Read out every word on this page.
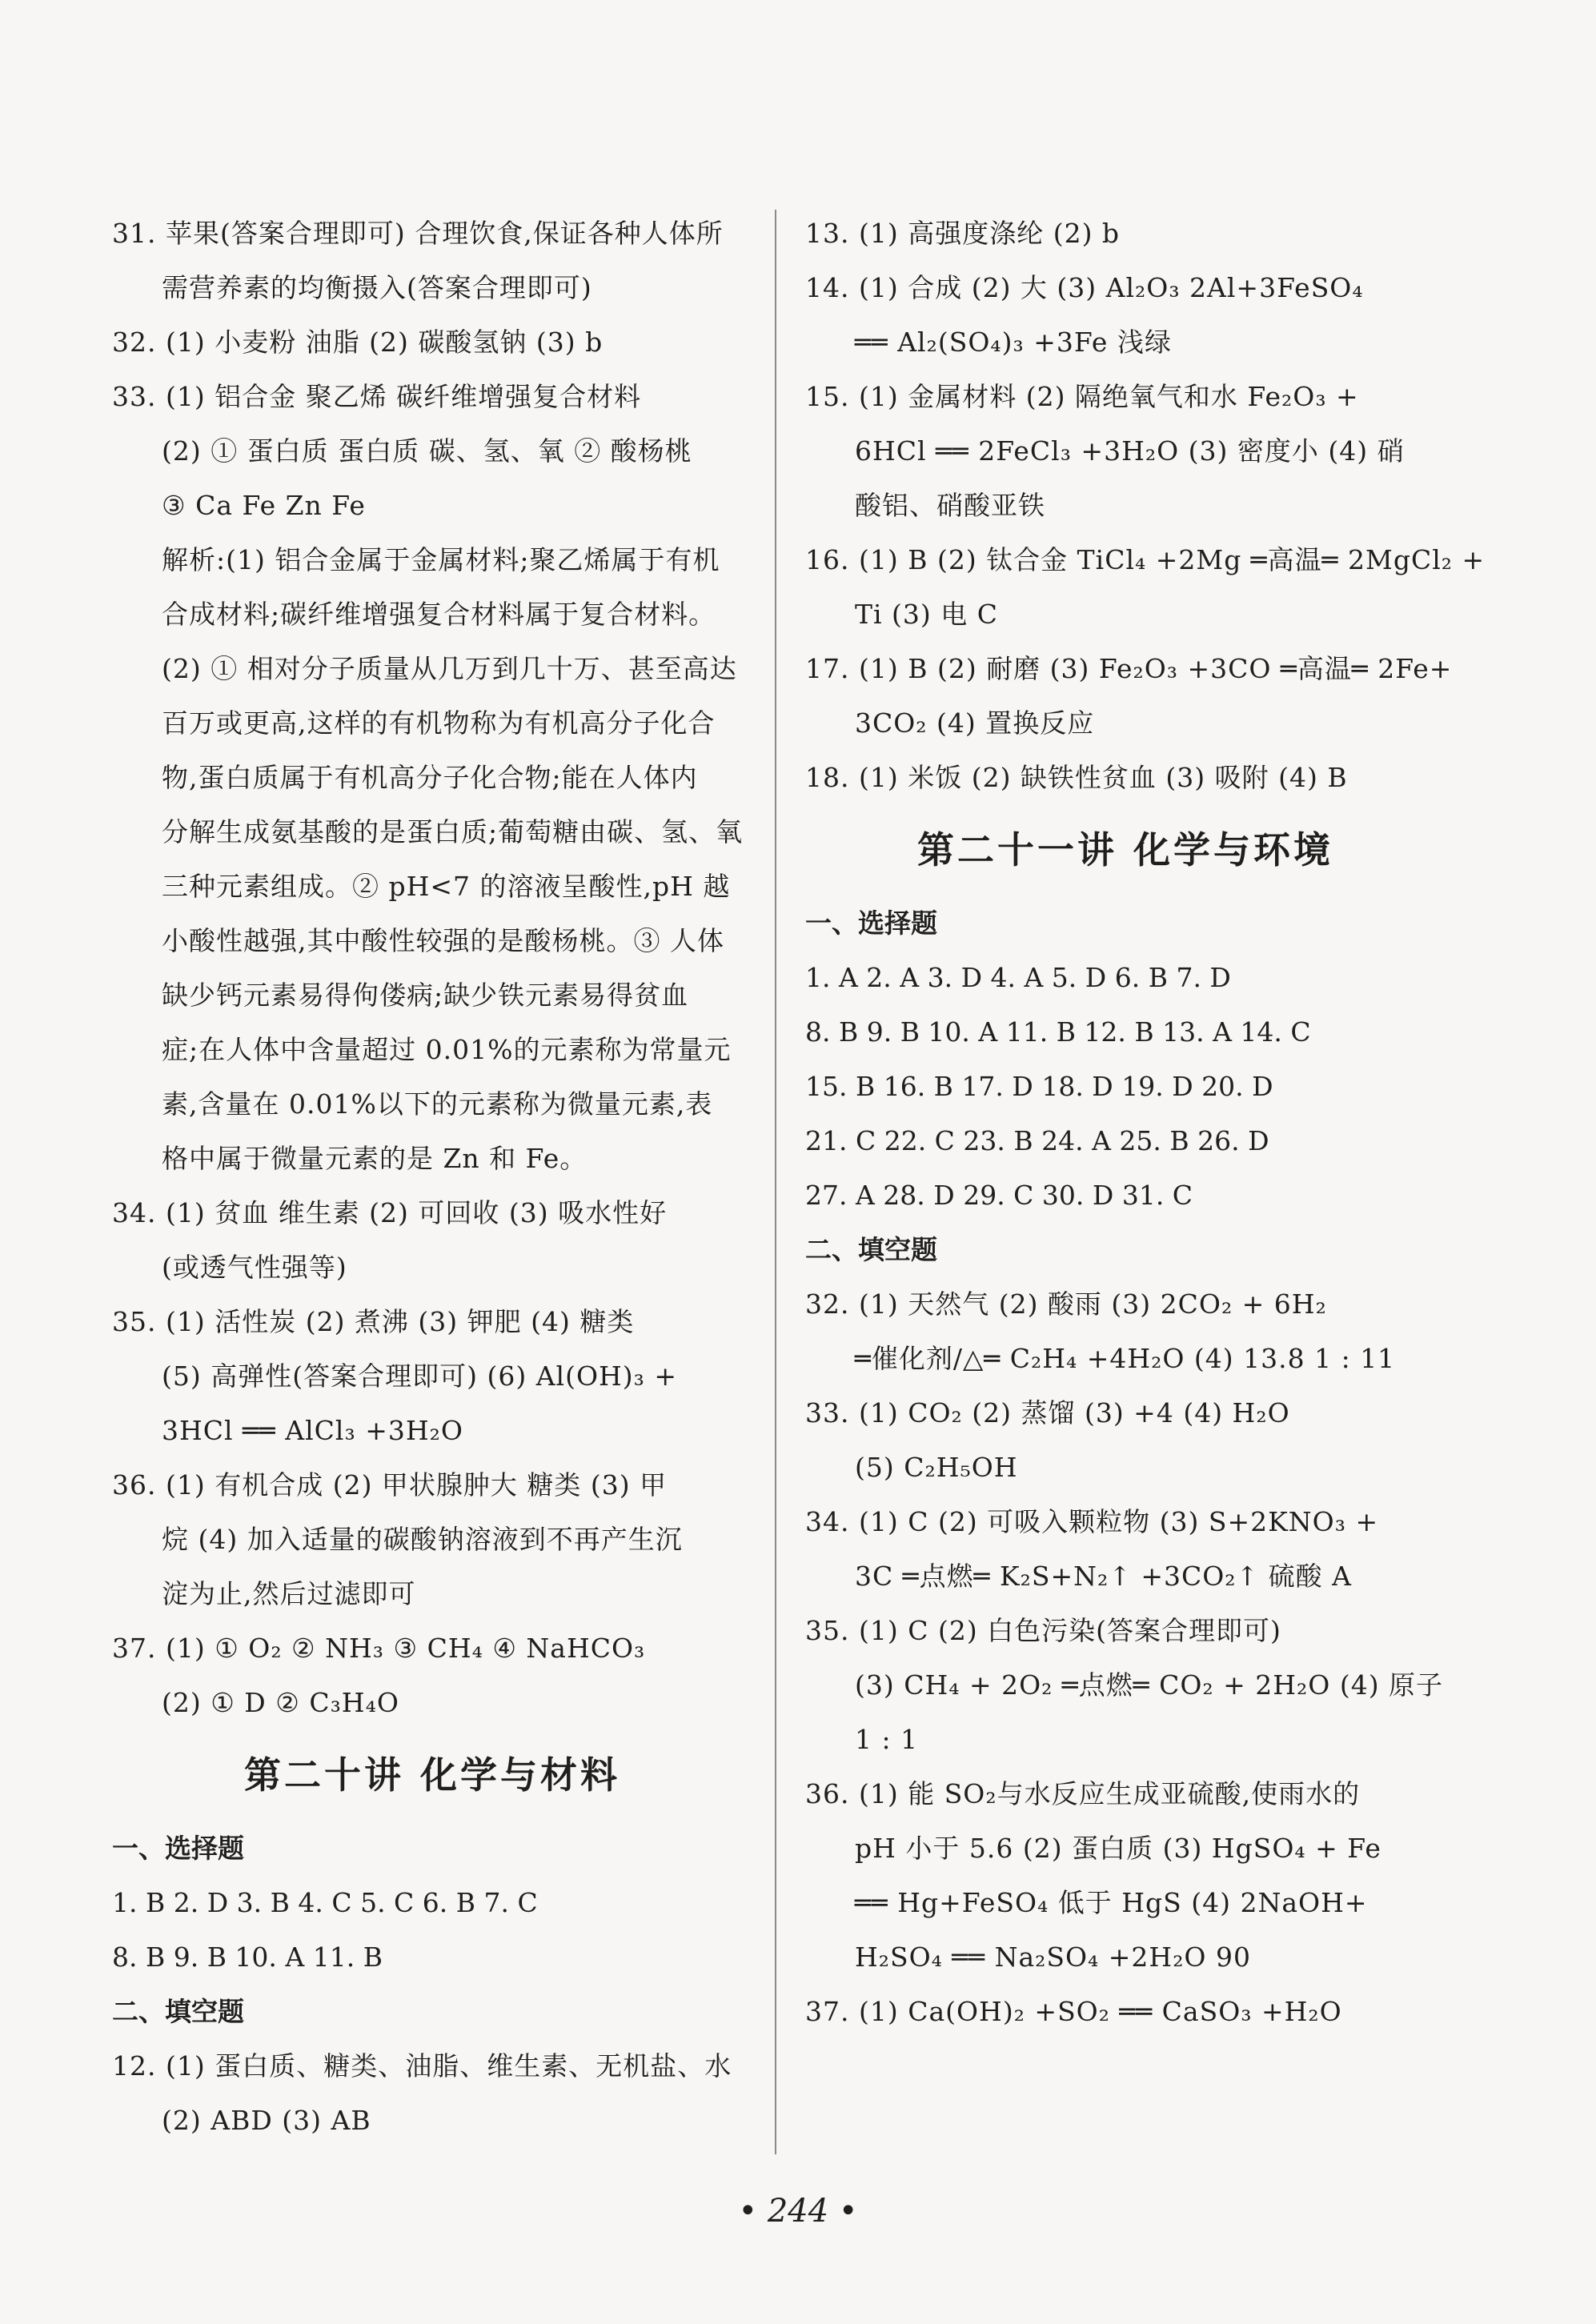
31. 苹果(答案合理即可) 合理饮食,保证各种人体所
需营养素的均衡摄入(答案合理即可)
32. (1) 小麦粉 油脂 (2) 碳酸氢钠 (3) b
33. (1) 铝合金 聚乙烯 碳纤维增强复合材料
(2) ① 蛋白质 蛋白质 碳、氢、氧 ② 酸杨桃
③ Ca Fe Zn Fe
解析:(1) 铝合金属于金属材料;聚乙烯属于有机
合成材料;碳纤维增强复合材料属于复合材料。
(2) ① 相对分子质量从几万到几十万、甚至高达
百万或更高,这样的有机物称为有机高分子化合
物,蛋白质属于有机高分子化合物;能在人体内
分解生成氨基酸的是蛋白质;葡萄糖由碳、氢、氧
三种元素组成。② pH<7 的溶液呈酸性,pH 越
小酸性越强,其中酸性较强的是酸杨桃。③ 人体
缺少钙元素易得佝偻病;缺少铁元素易得贫血
症;在人体中含量超过 0.01%的元素称为常量元
素,含量在 0.01%以下的元素称为微量元素,表
格中属于微量元素的是 Zn 和 Fe。
34. (1) 贫血 维生素 (2) 可回收 (3) 吸水性好
(或透气性强等)
35. (1) 活性炭 (2) 煮沸 (3) 钾肥 (4) 糖类
(5) 高弹性(答案合理即可) (6) Al(OH)₃ +
3HCl ══ AlCl₃ +3H₂O
36. (1) 有机合成 (2) 甲状腺肿大 糖类 (3) 甲
烷 (4) 加入适量的碳酸钠溶液到不再产生沉
淀为止,然后过滤即可
37. (1) ① O₂ ② NH₃ ③ CH₄ ④ NaHCO₃
(2) ① D ② C₃H₄O
第二十讲 化学与材料
一、选择题
1. B 2. D 3. B 4. C 5. C 6. B 7. C
8. B 9. B 10. A 11. B
二、填空题
12. (1) 蛋白质、糖类、油脂、维生素、无机盐、水
(2) ABD (3) AB
13. (1) 高强度涤纶 (2) b
14. (1) 合成 (2) 大 (3) Al₂O₃ 2Al+3FeSO₄
══ Al₂(SO₄)₃ +3Fe 浅绿
15. (1) 金属材料 (2) 隔绝氧气和水 Fe₂O₃ +
6HCl ══ 2FeCl₃ +3H₂O (3) 密度小 (4) 硝
酸铝、硝酸亚铁
16. (1) B (2) 钛合金 TiCl₄ +2Mg ═高温═ 2MgCl₂ +
Ti (3) 电 C
17. (1) B (2) 耐磨 (3) Fe₂O₃ +3CO ═高温═ 2Fe+
3CO₂ (4) 置换反应
18. (1) 米饭 (2) 缺铁性贫血 (3) 吸附 (4) B
第二十一讲 化学与环境
一、选择题
1. A 2. A 3. D 4. A 5. D 6. B 7. D
8. B 9. B 10. A 11. B 12. B 13. A 14. C
15. B 16. B 17. D 18. D 19. D 20. D
21. C 22. C 23. B 24. A 25. B 26. D
27. A 28. D 29. C 30. D 31. C
二、填空题
32. (1) 天然气 (2) 酸雨 (3) 2CO₂ + 6H₂
═催化剂/△═ C₂H₄ +4H₂O (4) 13.8 1 : 11
33. (1) CO₂ (2) 蒸馏 (3) +4 (4) H₂O
(5) C₂H₅OH
34. (1) C (2) 可吸入颗粒物 (3) S+2KNO₃ +
3C ═点燃═ K₂S+N₂↑ +3CO₂↑ 硫酸 A
35. (1) C (2) 白色污染(答案合理即可)
(3) CH₄ + 2O₂ ═点燃═ CO₂ + 2H₂O (4) 原子
1 : 1
36. (1) 能 SO₂与水反应生成亚硫酸,使雨水的
pH 小于 5.6 (2) 蛋白质 (3) HgSO₄ + Fe
══ Hg+FeSO₄ 低于 HgS (4) 2NaOH+
H₂SO₄ ══ Na₂SO₄ +2H₂O 90
37. (1) Ca(OH)₂ +SO₂ ══ CaSO₃ +H₂O
• 244 •
